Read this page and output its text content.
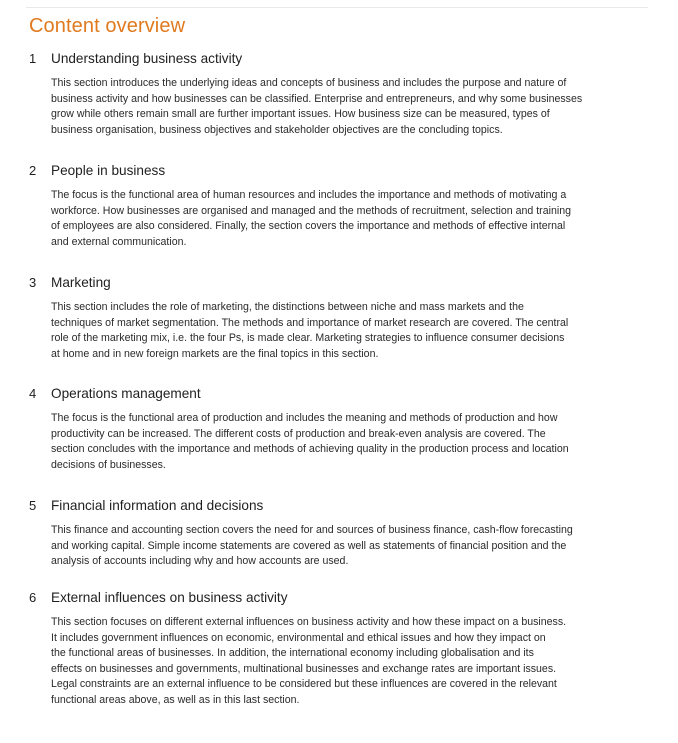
Content overview
1	Understanding business activity
This section introduces the underlying ideas and concepts of business and includes the purpose and nature of
business activity and how businesses can be classified. Enterprise and entrepreneurs, and why some businesses
grow while others remain small are further important issues. How business size can be measured, types of
business organisation, business objectives and stakeholder objectives are the concluding topics.
2	People in business
The focus is the functional area of human resources and includes the importance and methods of motivating a
workforce. How businesses are organised and managed and the methods of recruitment, selection and training
of employees are also considered. Finally, the section covers the importance and methods of effective internal
and external communication.
3	Marketing
This section includes the role of marketing, the distinctions between niche and mass markets and the
techniques of market segmentation. The methods and importance of market research are covered. The central
role of the marketing mix, i.e. the four Ps, is made clear. Marketing strategies to influence consumer decisions
at home and in new foreign markets are the final topics in this section.
4	Operations management
The focus is the functional area of production and includes the meaning and methods of production and how
productivity can be increased. The different costs of production and break-even analysis are covered. The
section concludes with the importance and methods of achieving quality in the production process and location
decisions of businesses.
5	Financial information and decisions
This finance and accounting section covers the need for and sources of business finance, cash-flow forecasting
and working capital. Simple income statements are covered as well as statements of financial position and the
analysis of accounts including why and how accounts are used.
6	External influences on business activity
This section focuses on different external influences on business activity and how these impact on a business.
It includes government influences on economic, environmental and ethical issues and how they impact on
the functional areas of businesses. In addition, the international economy including globalisation and its
effects on businesses and governments, multinational businesses and exchange rates are important issues.
Legal constraints are an external influence to be considered but these influences are covered in the relevant
functional areas above, as well as in this last section.
